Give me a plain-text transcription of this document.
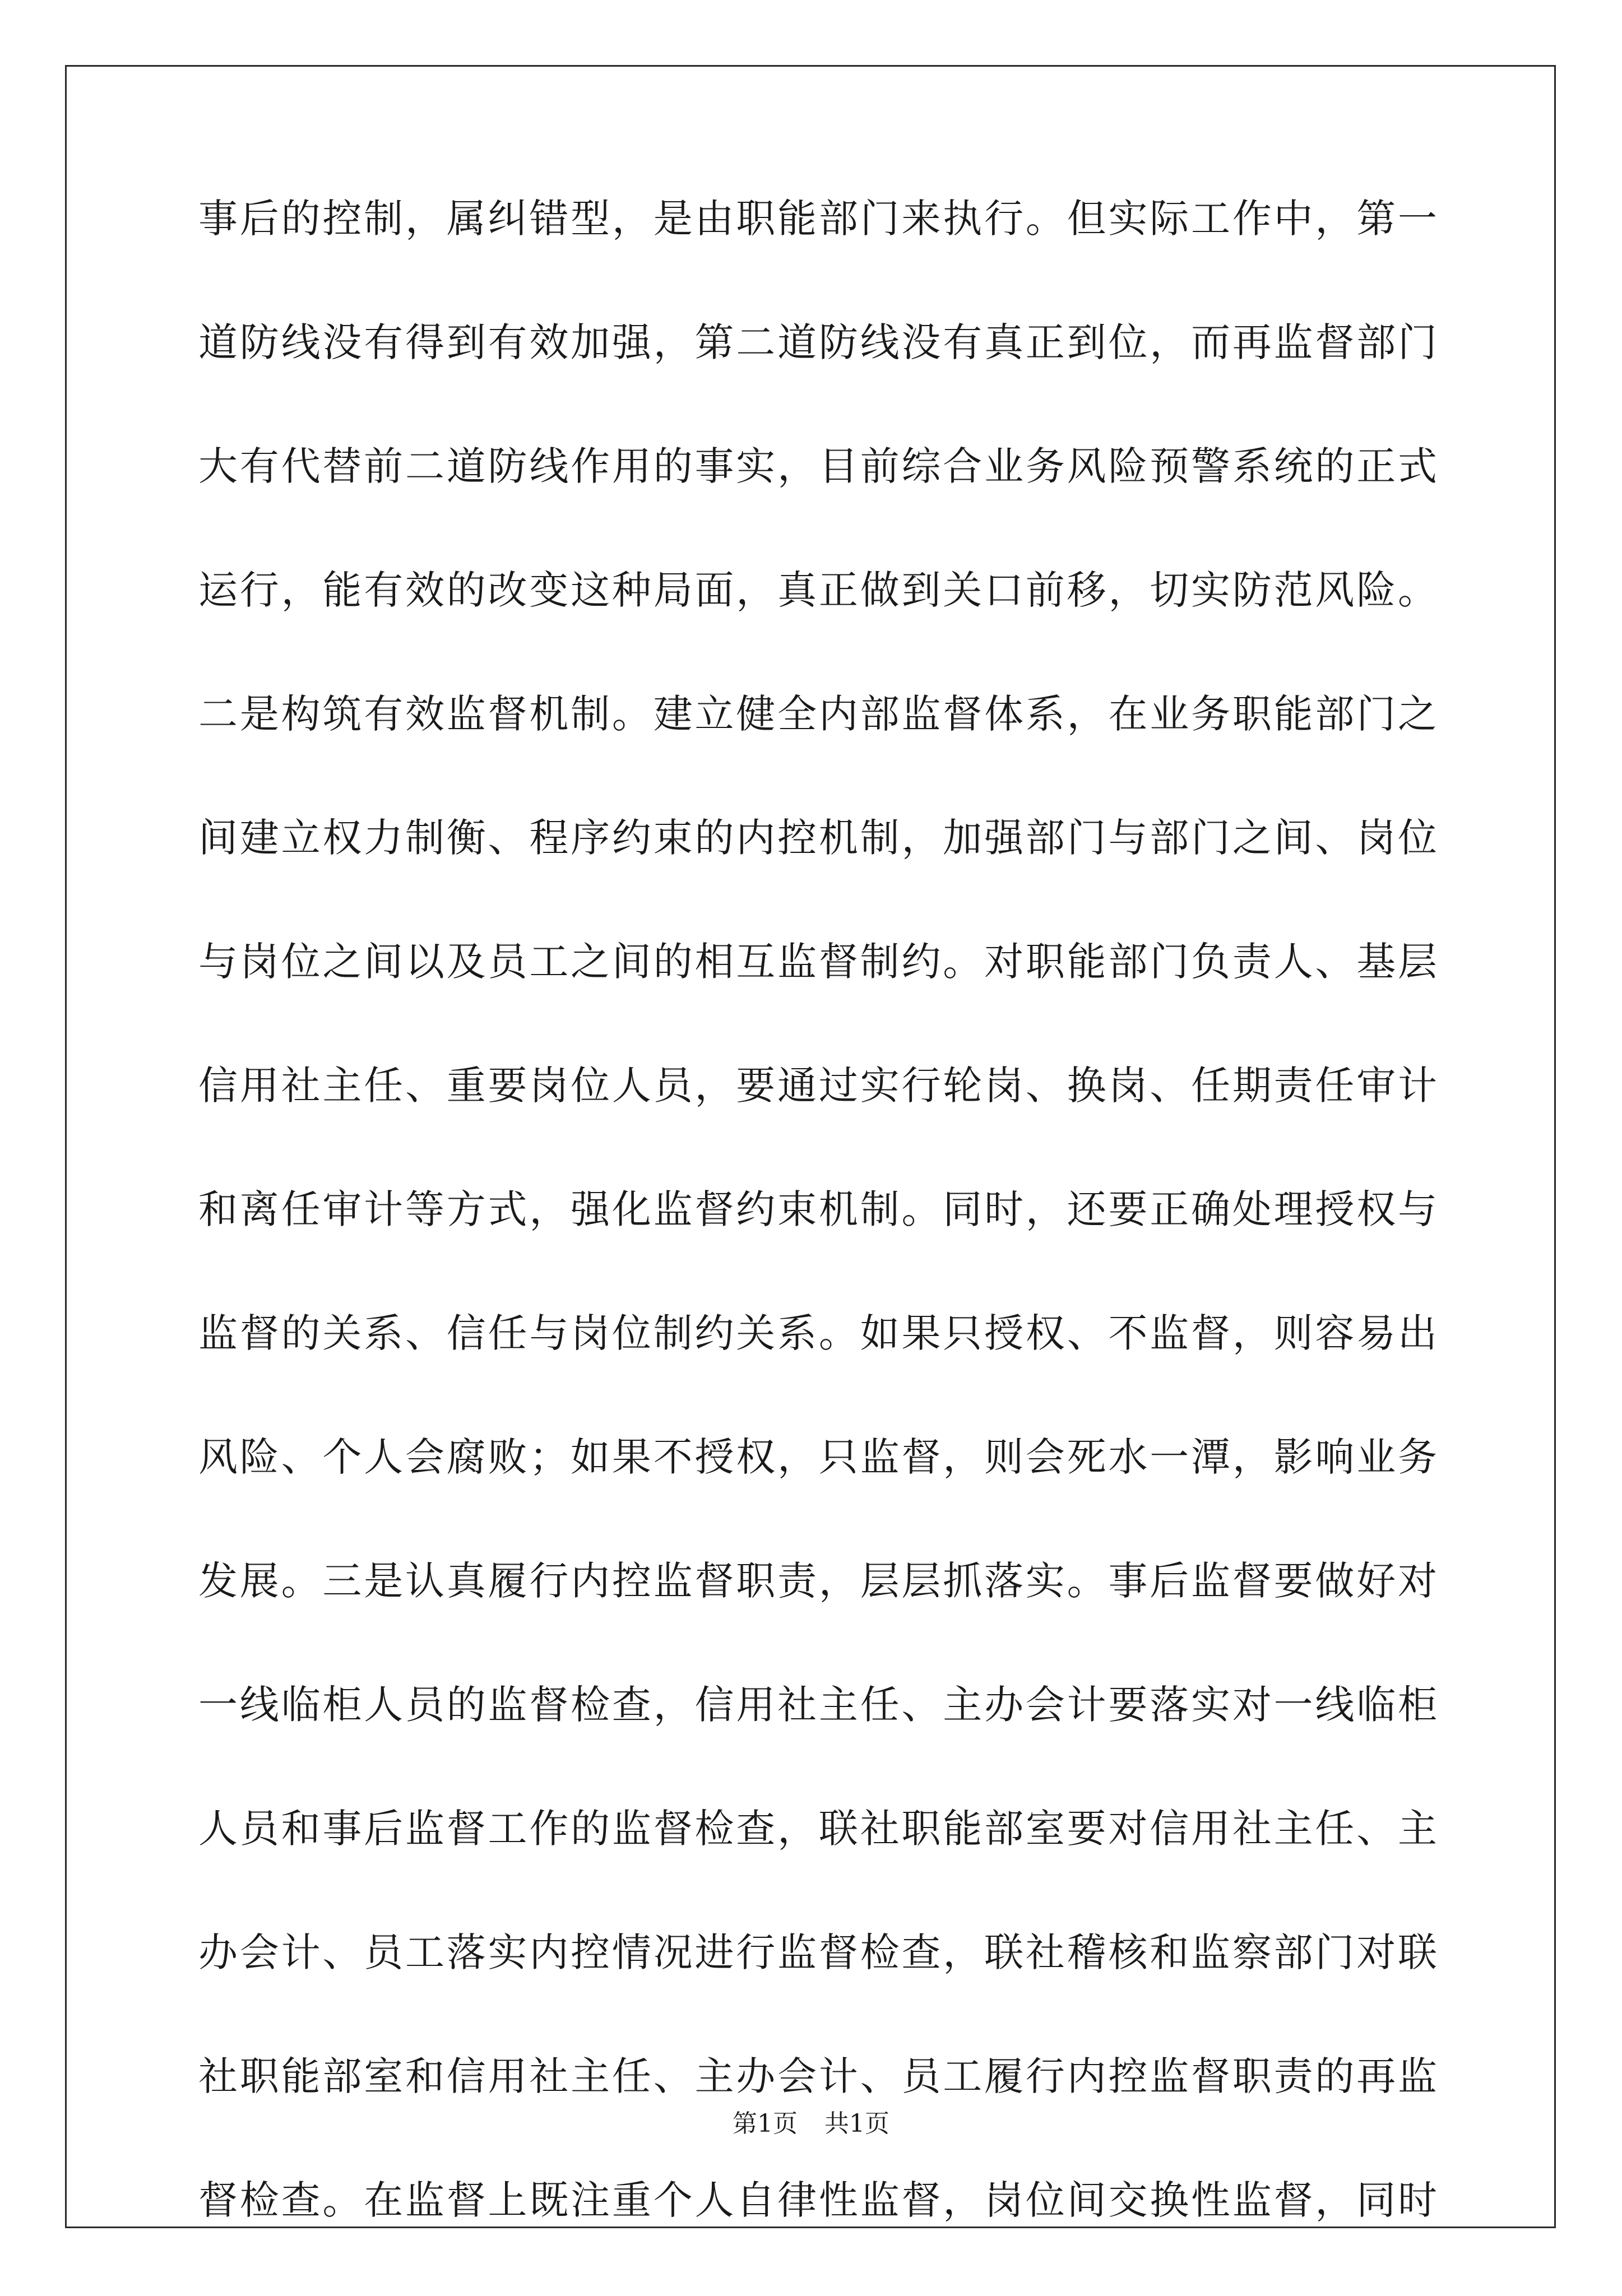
事后的控制，属纠错型，是由职能部门来执行。但实际工作中，第一
道防线没有得到有效加强，第二道防线没有真正到位，而再监督部门
大有代替前二道防线作用的事实，目前综合业务风险预警系统的正式
运行，能有效的改变这种局面，真正做到关口前移，切实防范风险。
二是构筑有效监督机制。建立健全内部监督体系，在业务职能部门之
间建立权力制衡、程序约束的内控机制，加强部门与部门之间、岗位
与岗位之间以及员工之间的相互监督制约。对职能部门负责人、基层
信用社主任、重要岗位人员，要通过实行轮岗、换岗、任期责任审计
和离任审计等方式，强化监督约束机制。同时，还要正确处理授权与
监督的关系、信任与岗位制约关系。如果只授权、不监督，则容易出
风险、个人会腐败；如果不授权，只监督，则会死水一潭，影响业务
发展。三是认真履行内控监督职责，层层抓落实。事后监督要做好对
一线临柜人员的监督检查，信用社主任、主办会计要落实对一线临柜
人员和事后监督工作的监督检查，联社职能部室要对信用社主任、主
办会计、员工落实内控情况进行监督检查，联社稽核和监察部门对联
社职能部室和信用社主任、主办会计、员工履行内控监督职责的再监
督检查。在监督上既注重个人自律性监督，岗位间交换性监督，同时
第1页 共1页
